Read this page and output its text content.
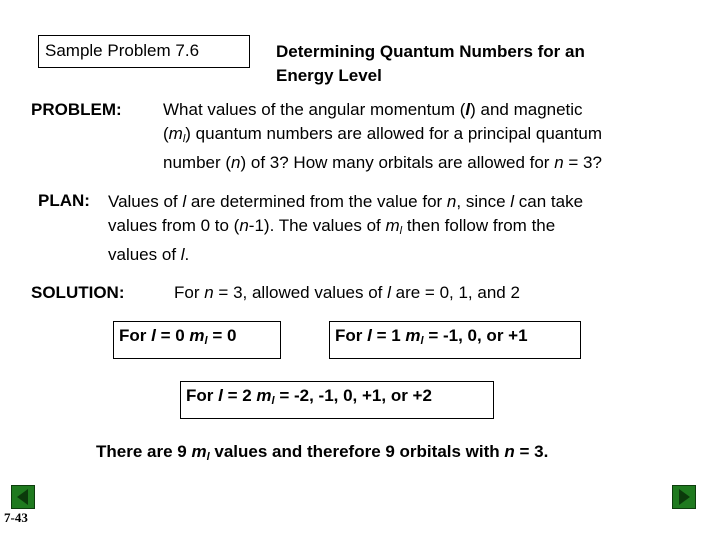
Sample Problem 7.6	Determining Quantum Numbers for an
Energy Level
PROBLEM: What values of the angular momentum (l) and magnetic
$(m_l)$ quantum numbers are allowed for a principal quantum
number (n) of 3? How many orbitals are allowed for n = 3?
PLAN: Values of l are determined from the value for n, since l can take
values from 0 to (n-1). The values of $m_l$ then follow from the
values of l.
SOLUTION:	For n = 3, allowed values of l are = 0, 1, and 2
For l = 0 $m_l = 0$	For l = 1 $m_l = -1$, 0, or +1
For l = 2 $m_l = -2$, -1, 0, +1, or +2
There are 9 $m_l$ values and therefore 9 orbitals with n = 3.
7-43
